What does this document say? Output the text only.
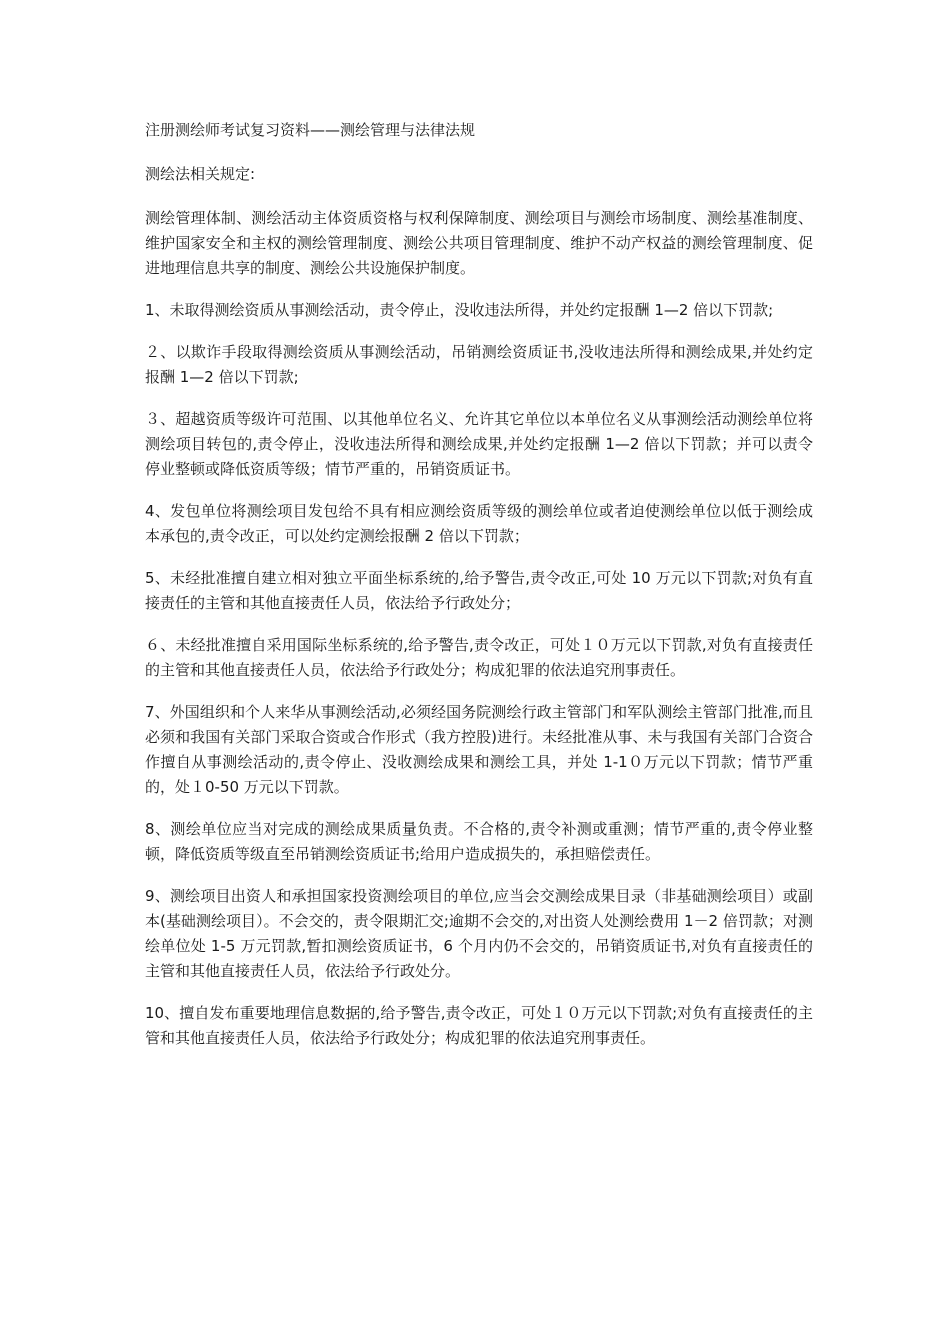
注册测绘师考试复习资料——测绘管理与法律法规

测绘法相关规定:

测绘管理体制、测绘活动主体资质资格与权利保障制度、测绘项目与测绘市场制度、测绘基准制度、维护国家安全和主权的测绘管理制度、测绘公共项目管理制度、维护不动产权益的测绘管理制度、促进地理信息共享的制度、测绘公共设施保护制度。

1、未取得测绘资质从事测绘活动，责令停止，没收违法所得，并处约定报酬 1—2 倍以下罚款;

２、以欺诈手段取得测绘资质从事测绘活动，吊销测绘资质证书,没收违法所得和测绘成果,并处约定报酬 1—2 倍以下罚款;

３、超越资质等级许可范围、以其他单位名义、允许其它单位以本单位名义从事测绘活动测绘单位将测绘项目转包的,责令停止，没收违法所得和测绘成果,并处约定报酬 1—2 倍以下罚款；并可以责令停业整顿或降低资质等级；情节严重的，吊销资质证书。

4、发包单位将测绘项目发包给不具有相应测绘资质等级的测绘单位或者迫使测绘单位以低于测绘成本承包的,责令改正，可以处约定测绘报酬 2 倍以下罚款；

5、未经批准擅自建立相对独立平面坐标系统的,给予警告,责令改正,可处 10 万元以下罚款;对负有直接责任的主管和其他直接责任人员，依法给予行政处分；

６、未经批准擅自采用国际坐标系统的,给予警告,责令改正，可处１０万元以下罚款,对负有直接责任的主管和其他直接责任人员，依法给予行政处分；构成犯罪的依法追究刑事责任。

7、外国组织和个人来华从事测绘活动,必须经国务院测绘行政主管部门和军队测绘主管部门批准,而且必须和我国有关部门采取合资或合作形式（我方控股)进行。未经批准从事、未与我国有关部门合资合作擅自从事测绘活动的,责令停止、没收测绘成果和测绘工具，并处 1-1０万元以下罚款；情节严重的，处１0-50 万元以下罚款。

8、测绘单位应当对完成的测绘成果质量负责。不合格的,责令补测或重测；情节严重的,责令停业整顿，降低资质等级直至吊销测绘资质证书;给用户造成损失的，承担赔偿责任。

9、测绘项目出资人和承担国家投资测绘项目的单位,应当会交测绘成果目录（非基础测绘项目）或副本(基础测绘项目）。不会交的，责令限期汇交;逾期不会交的,对出资人处测绘费用 1－2 倍罚款；对测绘单位处 1-5 万元罚款,暂扣测绘资质证书，6 个月内仍不会交的，吊销资质证书,对负有直接责任的主管和其他直接责任人员，依法给予行政处分。

10、擅自发布重要地理信息数据的,给予警告,责令改正，可处１０万元以下罚款;对负有直接责任的主管和其他直接责任人员，依法给予行政处分；构成犯罪的依法追究刑事责任。
